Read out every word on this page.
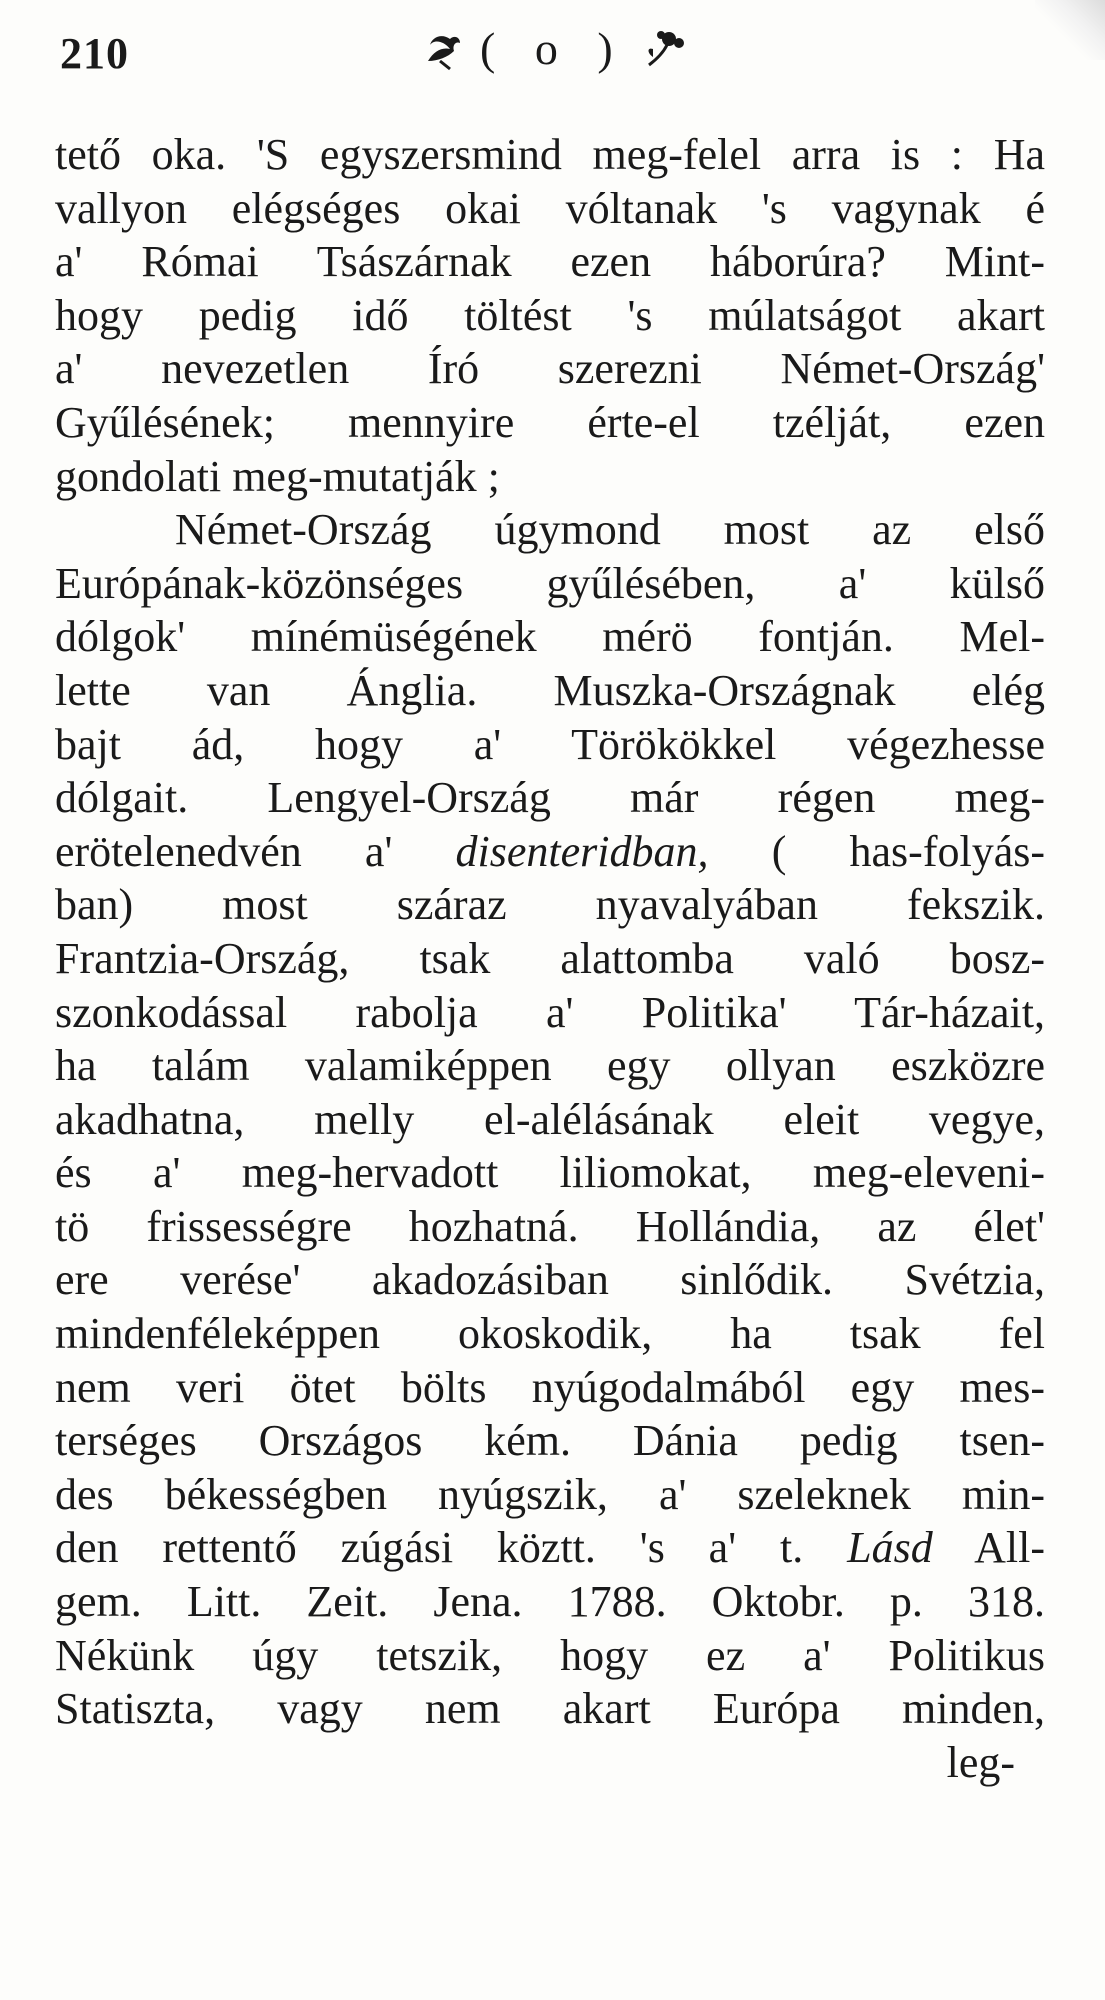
210	( o )
tető oka. 'S egyszersmind meg-felel arra is : Ha
vallyon elégséges okai vóltanak 's vagynak é
a' Római Tsászárnak ezen háborúra? Mint-
hogy pedig idő töltést 's múlatságot akart
a' nevezetlen Író szerezni Német-Ország'
Gyűlésének; mennyire érte-el tzélját, ezen
gondolati meg-mutatják ;
Német-Ország úgymond most az első
Európának-közönséges gyűlésében, a' külső
dólgok' mínémüségének mérö fontján. Mel-
lette van Ánglia. Muszka-Országnak elég
bajt ád, hogy a' Törökökkel végezhesse
dólgait. Lengyel-Ország már régen meg-
erötelenedvén a' disenteridban, ( has-folyás-
ban) most száraz nyavalyában fekszik.
Frantzia-Ország, tsak alattomba való bosz-
szonkodással rabolja a' Politika' Tár-házait,
ha talám valamiképpen egy ollyan eszközre
akadhatna, melly el-alélásának eleit vegye,
és a' meg-hervadott liliomokat, meg-eleveni-
tö frissességre hozhatná. Hollándia, az élet'
ere verése' akadozásiban sinlődik. Svétzia,
mindenféleképpen okoskodik, ha tsak fel
nem veri ötet bölts nyúgodalmából egy mes-
terséges Országos kém. Dánia pedig tsen-
des békességben nyúgszik, a' szeleknek min-
den rettentő zúgási köztt. 's a' t. Lásd All-
gem. Litt. Zeit. Jena. 1788. Oktobr. p. 318.
Nékünk úgy tetszik, hogy ez a' Politikus
Statiszta, vagy nem akart Európa minden,
leg-
